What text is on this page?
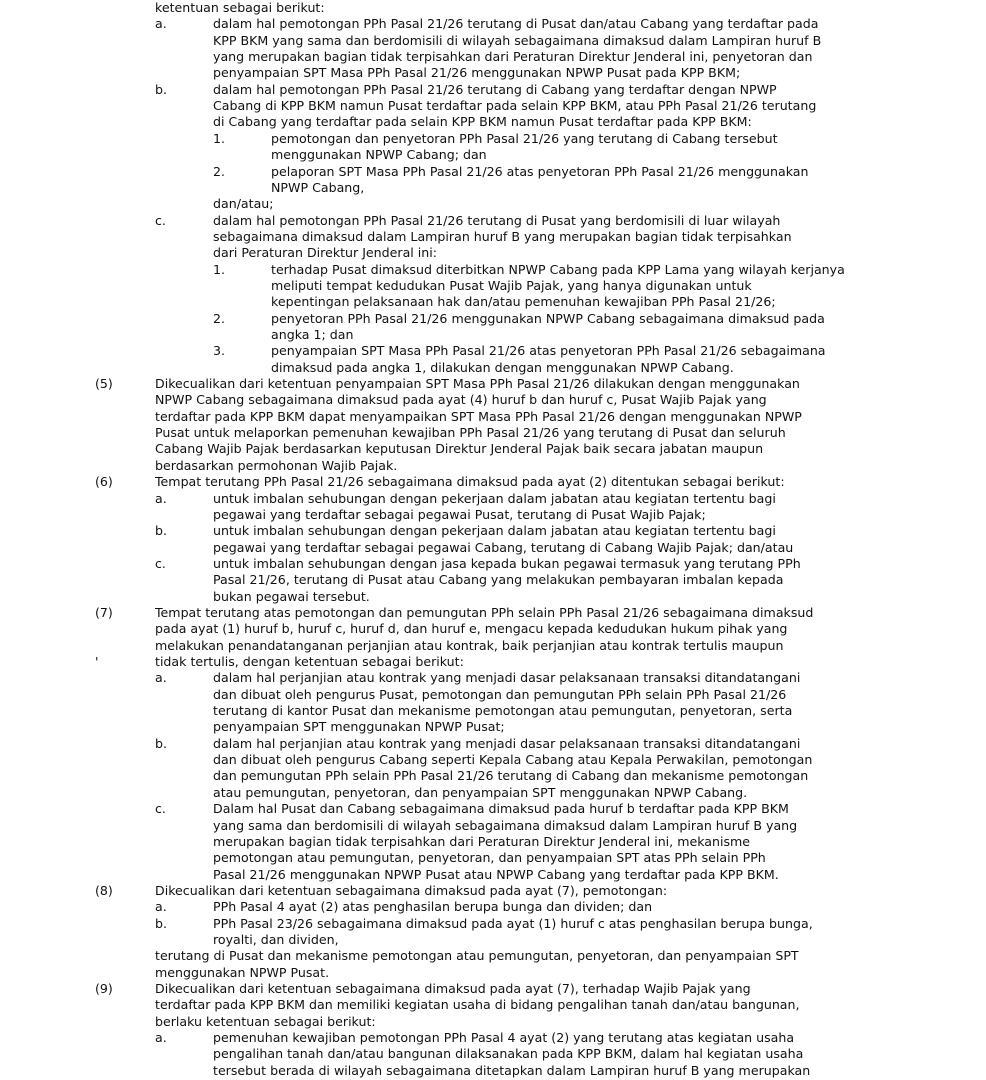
ketentuan sebagai berikut:
a.	dalam hal pemotongan PPh Pasal 21/26 terutang di Pusat dan/atau Cabang yang terdaftar pada
KPP BKM yang sama dan berdomisili di wilayah sebagaimana dimaksud dalam Lampiran huruf B
yang merupakan bagian tidak terpisahkan dari Peraturan Direktur Jenderal ini, penyetoran dan
penyampaian SPT Masa PPh Pasal 21/26 menggunakan NPWP Pusat pada KPP BKM;
b.	dalam hal pemotongan PPh Pasal 21/26 terutang di Cabang yang terdaftar dengan NPWP
Cabang di KPP BKM namun Pusat terdaftar pada selain KPP BKM, atau PPh Pasal 21/26 terutang
di Cabang yang terdaftar pada selain KPP BKM namun Pusat terdaftar pada KPP BKM:
1.	pemotongan dan penyetoran PPh Pasal 21/26 yang terutang di Cabang tersebut
menggunakan NPWP Cabang; dan
2.	pelaporan SPT Masa PPh Pasal 21/26 atas penyetoran PPh Pasal 21/26 menggunakan
NPWP Cabang,
dan/atau;
c.	dalam hal pemotongan PPh Pasal 21/26 terutang di Pusat yang berdomisili di luar wilayah
sebagaimana dimaksud dalam Lampiran huruf B yang merupakan bagian tidak terpisahkan
dari Peraturan Direktur Jenderal ini:
1.	terhadap Pusat dimaksud diterbitkan NPWP Cabang pada KPP Lama yang wilayah kerjanya
meliputi tempat kedudukan Pusat Wajib Pajak, yang hanya digunakan untuk
kepentingan pelaksanaan hak dan/atau pemenuhan kewajiban PPh Pasal 21/26;
2.	penyetoran PPh Pasal 21/26 menggunakan NPWP Cabang sebagaimana dimaksud pada
angka 1; dan
3.	penyampaian SPT Masa PPh Pasal 21/26 atas penyetoran PPh Pasal 21/26 sebagaimana
dimaksud pada angka 1, dilakukan dengan menggunakan NPWP Cabang.
(5)	Dikecualikan dari ketentuan penyampaian SPT Masa PPh Pasal 21/26 dilakukan dengan menggunakan
NPWP Cabang sebagaimana dimaksud pada ayat (4) huruf b dan huruf c, Pusat Wajib Pajak yang
terdaftar pada KPP BKM dapat menyampaikan SPT Masa PPh Pasal 21/26 dengan menggunakan NPWP
Pusat untuk melaporkan pemenuhan kewajiban PPh Pasal 21/26 yang terutang di Pusat dan seluruh
Cabang Wajib Pajak berdasarkan keputusan Direktur Jenderal Pajak baik secara jabatan maupun
berdasarkan permohonan Wajib Pajak.
(6)	Tempat terutang PPh Pasal 21/26 sebagaimana dimaksud pada ayat (2) ditentukan sebagai berikut:
a.	untuk imbalan sehubungan dengan pekerjaan dalam jabatan atau kegiatan tertentu bagi
pegawai yang terdaftar sebagai pegawai Pusat, terutang di Pusat Wajib Pajak;
b.	untuk imbalan sehubungan dengan pekerjaan dalam jabatan atau kegiatan tertentu bagi
pegawai yang terdaftar sebagai pegawai Cabang, terutang di Cabang Wajib Pajak; dan/atau
c.	untuk imbalan sehubungan dengan jasa kepada bukan pegawai termasuk yang terutang PPh
Pasal 21/26, terutang di Pusat atau Cabang yang melakukan pembayaran imbalan kepada
bukan pegawai tersebut.
(7)	Tempat terutang atas pemotongan dan pemungutan PPh selain PPh Pasal 21/26 sebagaimana dimaksud
pada ayat (1) huruf b, huruf c, huruf d, dan huruf e, mengacu kepada kedudukan hukum pihak yang
melakukan penandatanganan perjanjian atau kontrak, baik perjanjian atau kontrak tertulis maupun
'	tidak tertulis, dengan ketentuan sebagai berikut:
a.	dalam hal perjanjian atau kontrak yang menjadi dasar pelaksanaan transaksi ditandatangani
dan dibuat oleh pengurus Pusat, pemotongan dan pemungutan PPh selain PPh Pasal 21/26
terutang di kantor Pusat dan mekanisme pemotongan atau pemungutan, penyetoran, serta
penyampaian SPT menggunakan NPWP Pusat;
b.	dalam hal perjanjian atau kontrak yang menjadi dasar pelaksanaan transaksi ditandatangani
dan dibuat oleh pengurus Cabang seperti Kepala Cabang atau Kepala Perwakilan, pemotongan
dan pemungutan PPh selain PPh Pasal 21/26 terutang di Cabang dan mekanisme pemotongan
atau pemungutan, penyetoran, dan penyampaian SPT menggunakan NPWP Cabang.
c.	Dalam hal Pusat dan Cabang sebagaimana dimaksud pada huruf b terdaftar pada KPP BKM
yang sama dan berdomisili di wilayah sebagaimana dimaksud dalam Lampiran huruf B yang
merupakan bagian tidak terpisahkan dari Peraturan Direktur Jenderal ini, mekanisme
pemotongan atau pemungutan, penyetoran, dan penyampaian SPT atas PPh selain PPh
Pasal 21/26 menggunakan NPWP Pusat atau NPWP Cabang yang terdaftar pada KPP BKM.
(8)	Dikecualikan dari ketentuan sebagaimana dimaksud pada ayat (7), pemotongan:
a.	PPh Pasal 4 ayat (2) atas penghasilan berupa bunga dan dividen; dan
b.	PPh Pasal 23/26 sebagaimana dimaksud pada ayat (1) huruf c atas penghasilan berupa bunga,
royalti, dan dividen,
terutang di Pusat dan mekanisme pemotongan atau pemungutan, penyetoran, dan penyampaian SPT
menggunakan NPWP Pusat.
(9)	Dikecualikan dari ketentuan sebagaimana dimaksud pada ayat (7), terhadap Wajib Pajak yang
terdaftar pada KPP BKM dan memiliki kegiatan usaha di bidang pengalihan tanah dan/atau bangunan,
berlaku ketentuan sebagai berikut:
a.	pemenuhan kewajiban pemotongan PPh Pasal 4 ayat (2) yang terutang atas kegiatan usaha
pengalihan tanah dan/atau bangunan dilaksanakan pada KPP BKM, dalam hal kegiatan usaha
tersebut berada di wilayah sebagaimana ditetapkan dalam Lampiran huruf B yang merupakan
